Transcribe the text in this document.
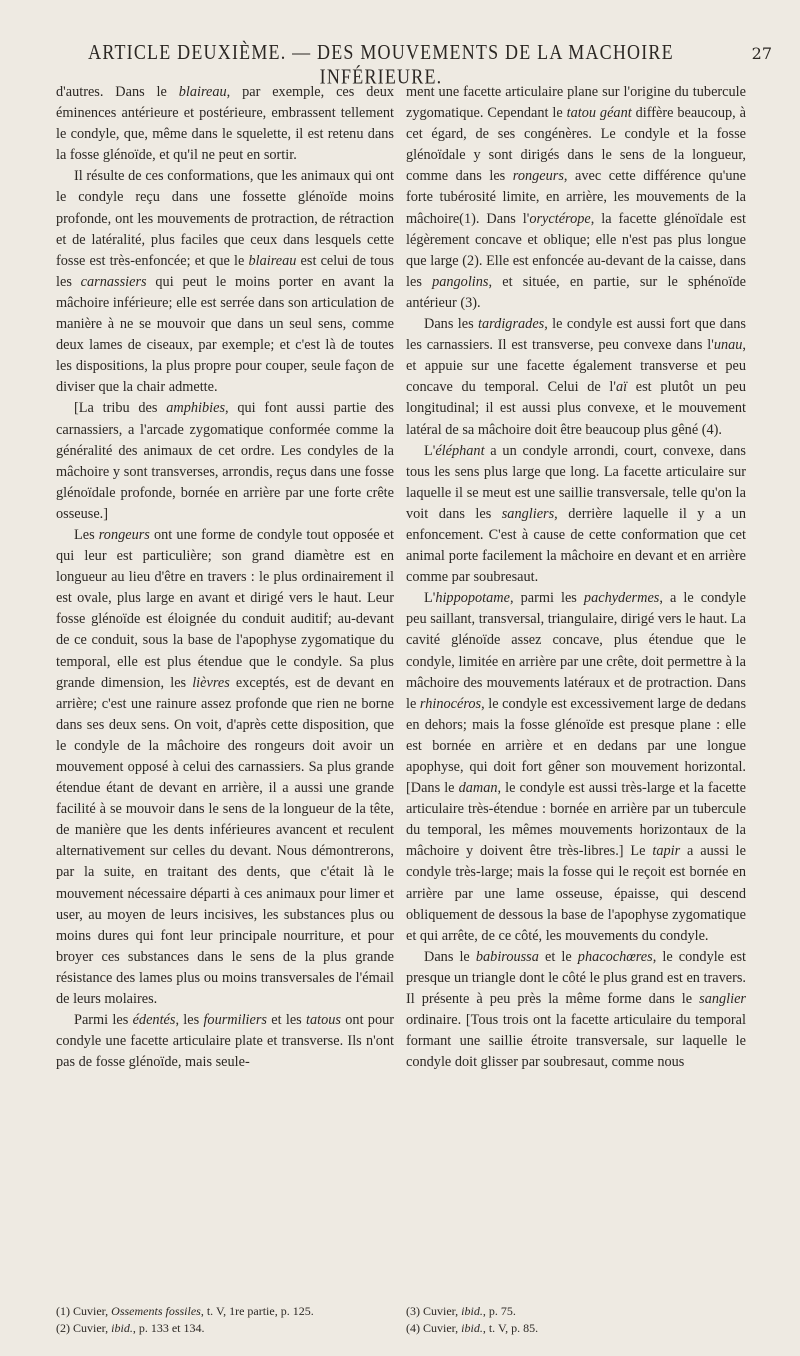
ARTICLE DEUXIÈME. — DES MOUVEMENTS DE LA MACHOIRE INFÉRIEURE.
27

d'autres. Dans le blaireau, par exemple, ces deux éminences antérieure et postérieure, embrassent tellement le condyle, que, même dans le squelette, il est retenu dans la fosse glénoïde, et qu'il ne peut en sortir.

Il résulte de ces conformations, que les animaux qui ont le condyle reçu dans une fossette glénoïde moins profonde, ont les mouvements de protraction, de rétraction et de latéralité, plus faciles que ceux dans lesquels cette fosse est très-enfoncée; et que le blaireau est celui de tous les carnassiers qui peut le moins porter en avant la mâchoire inférieure; elle est serrée dans son articulation de manière à ne se mouvoir que dans un seul sens, comme deux lames de ciseaux, par exemple; et c'est là de toutes les dispositions, la plus propre pour couper, seule façon de diviser que la chair admette.

[La tribu des amphibies, qui font aussi partie des carnassiers, a l'arcade zygomatique conformée comme la généralité des animaux de cet ordre. Les condyles de la mâchoire y sont transverses, arrondis, reçus dans une fosse glénoïdale profonde, bornée en arrière par une forte crête osseuse.]

Les rongeurs ont une forme de condyle tout opposée et qui leur est particulière; son grand diamètre est en longueur au lieu d'être en travers : le plus ordinairement il est ovale, plus large en avant et dirigé vers le haut. Leur fosse glénoïde est éloignée du conduit auditif; au-devant de ce conduit, sous la base de l'apophyse zygomatique du temporal, elle est plus étendue que le condyle. Sa plus grande dimension, les lièvres exceptés, est de devant en arrière; c'est une rainure assez profonde que rien ne borne dans ses deux sens. On voit, d'après cette disposition, que le condyle de la mâchoire des rongeurs doit avoir un mouvement opposé à celui des carnassiers. Sa plus grande étendue étant de devant en arrière, il a aussi une grande facilité à se mouvoir dans le sens de la longueur de la tête, de manière que les dents inférieures avancent et reculent alternativement sur celles du devant. Nous démontrerons, par la suite, en traitant des dents, que c'était là le mouvement nécessaire départi à ces animaux pour limer et user, au moyen de leurs incisives, les substances plus ou moins dures qui font leur principale nourriture, et pour broyer ces substances dans le sens de la plus grande résistance des lames plus ou moins transversales de l'émail de leurs molaires.

Parmi les édentés, les fourmiliers et les tatous ont pour condyle une facette articulaire plate et transverse. Ils n'ont pas de fosse glénoïde, mais seule-

ment une facette articulaire plane sur l'origine du tubercule zygomatique. Cependant le tatou géant diffère beaucoup, à cet égard, de ses congénères. Le condyle et la fosse glénoïdale y sont dirigés dans le sens de la longueur, comme dans les rongeurs, avec cette différence qu'une forte tubérosité limite, en arrière, les mouvements de la mâchoire(1). Dans l'oryctérope, la facette glénoïdale est légèrement concave et oblique; elle n'est pas plus longue que large (2). Elle est enfoncée au-devant de la caisse, dans les pangolins, et située, en partie, sur le sphénoïde antérieur (3).

Dans les tardigrades, le condyle est aussi fort que dans les carnassiers. Il est transverse, peu convexe dans l'unau, et appuie sur une facette également transverse et peu concave du temporal. Celui de l'aï est plutôt un peu longitudinal; il est aussi plus convexe, et le mouvement latéral de sa mâchoire doit être beaucoup plus gêné (4).

L'éléphant a un condyle arrondi, court, convexe, dans tous les sens plus large que long. La facette articulaire sur laquelle il se meut est une saillie transversale, telle qu'on la voit dans les sangliers, derrière laquelle il y a un enfoncement. C'est à cause de cette conformation que cet animal porte facilement la mâchoire en devant et en arrière comme par soubresaut.

L'hippopotame, parmi les pachydermes, a le condyle peu saillant, transversal, triangulaire, dirigé vers le haut. La cavité glénoïde assez concave, plus étendue que le condyle, limitée en arrière par une crête, doit permettre à la mâchoire des mouvements latéraux et de protraction. Dans le rhinocéros, le condyle est excessivement large de dedans en dehors; mais la fosse glénoïde est presque plane : elle est bornée en arrière et en dedans par une longue apophyse, qui doit fort gêner son mouvement horizontal. [Dans le daman, le condyle est aussi très-large et la facette articulaire très-étendue : bornée en arrière par un tubercule du temporal, les mêmes mouvements horizontaux de la mâchoire y doivent être très-libres.] Le tapir a aussi le condyle très-large; mais la fosse qui le reçoit est bornée en arrière par une lame osseuse, épaisse, qui descend obliquement de dessous la base de l'apophyse zygomatique et qui arrête, de ce côté, les mouvements du condyle.

Dans le babiroussa et le phacochœres, le condyle est presque un triangle dont le côté le plus grand est en travers. Il présente à peu près la même forme dans le sanglier ordinaire. [Tous trois ont la facette articulaire du temporal formant une saillie étroite transversale, sur laquelle le condyle doit glisser par soubresaut, comme nous

(1) Cuvier, Ossements fossiles, t. V, 1re partie, p. 125.

(2) Cuvier, ibid., p. 133 et 134.

(3) Cuvier, ibid., p. 75.

(4) Cuvier, ibid., t. V, p. 85.
